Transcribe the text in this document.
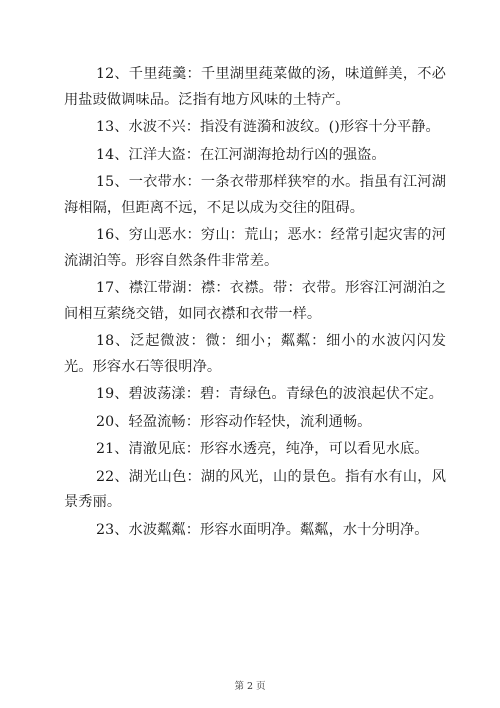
12、千里莼羹：千里湖里莼菜做的汤，味道鲜美，不必用盐豉做调味品。泛指有地方风味的土特产。

13、水波不兴：指没有涟漪和波纹。()形容十分平静。

14、江洋大盗：在江河湖海抢劫行凶的强盗。

15、一衣带水：一条衣带那样狭窄的水。指虽有江河湖海相隔，但距离不远，不足以成为交往的阻碍。

16、穷山恶水：穷山：荒山；恶水：经常引起灾害的河流湖泊等。形容自然条件非常差。

17、襟江带湖：襟：衣襟。带：衣带。形容江河湖泊之间相互萦绕交错，如同衣襟和衣带一样。

18、泛起微波：微：细小；粼粼：细小的水波闪闪发光。形容水石等很明净。

19、碧波荡漾：碧：青绿色。青绿色的波浪起伏不定。

20、轻盈流畅：形容动作轻快，流利通畅。

21、清澈见底：形容水透亮，纯净，可以看见水底。

22、湖光山色：湖的风光，山的景色。指有水有山，风景秀丽。

23、水波粼粼：形容水面明净。粼粼，水十分明净。

第 2 页
